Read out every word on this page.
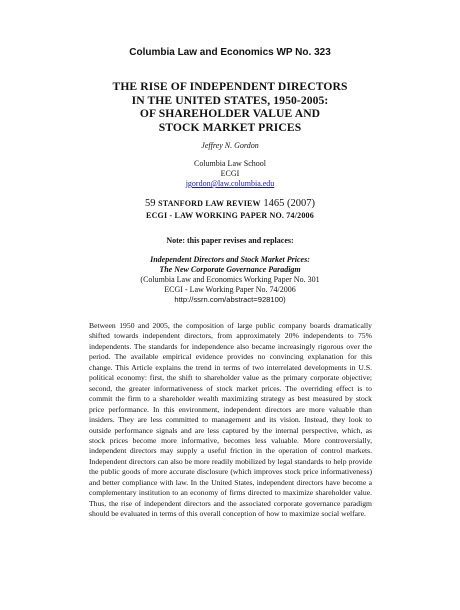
Columbia Law and Economics WP No. 323
THE RISE OF INDEPENDENT DIRECTORS
IN THE UNITED STATES, 1950-2005:
OF SHAREHOLDER VALUE AND
STOCK MARKET PRICES
Jeffrey N. Gordon
Columbia Law School
ECGI
jgordon@law.columbia.edu
59 STANFORD LAW REVIEW 1465 (2007)
ECGI - LAW WORKING PAPER NO. 74/2006
Note: this paper revises and replaces:
Independent Directors and Stock Market Prices:
The New Corporate Governance Paradigm
(Columbia Law and Economics Working Paper No. 301
ECGI - Law Working Paper No. 74/2006
http://ssrn.com/abstract=928100)

Between 1950 and 2005, the composition of large public company boards dramatically shifted towards independent directors, from approximately 20% independents to 75% independents. The standards for independence also became increasingly rigorous over the period. The available empirical evidence provides no convincing explanation for this change. This Article explains the trend in terms of two interrelated developments in U.S. political economy: first, the shift to shareholder value as the primary corporate objective; second, the greater informativeness of stock market prices. The overriding effect is to commit the firm to a shareholder wealth maximizing strategy as best measured by stock price performance. In this environment, independent directors are more valuable than insiders. They are less committed to management and its vision. Instead, they look to outside performance signals and are less captured by the internal perspective, which, as stock prices become more informative, becomes less valuable. More controversially, independent directors may supply a useful friction in the operation of control markets. Independent directors can also be more readily mobilized by legal standards to help provide the public goods of more accurate disclosure (which improves stock price informativeness) and better compliance with law. In the United States, independent directors have become a complementary institution to an economy of firms directed to maximize shareholder value. Thus, the rise of independent directors and the associated corporate governance paradigm should be evaluated in terms of this overall conception of how to maximize social welfare.
